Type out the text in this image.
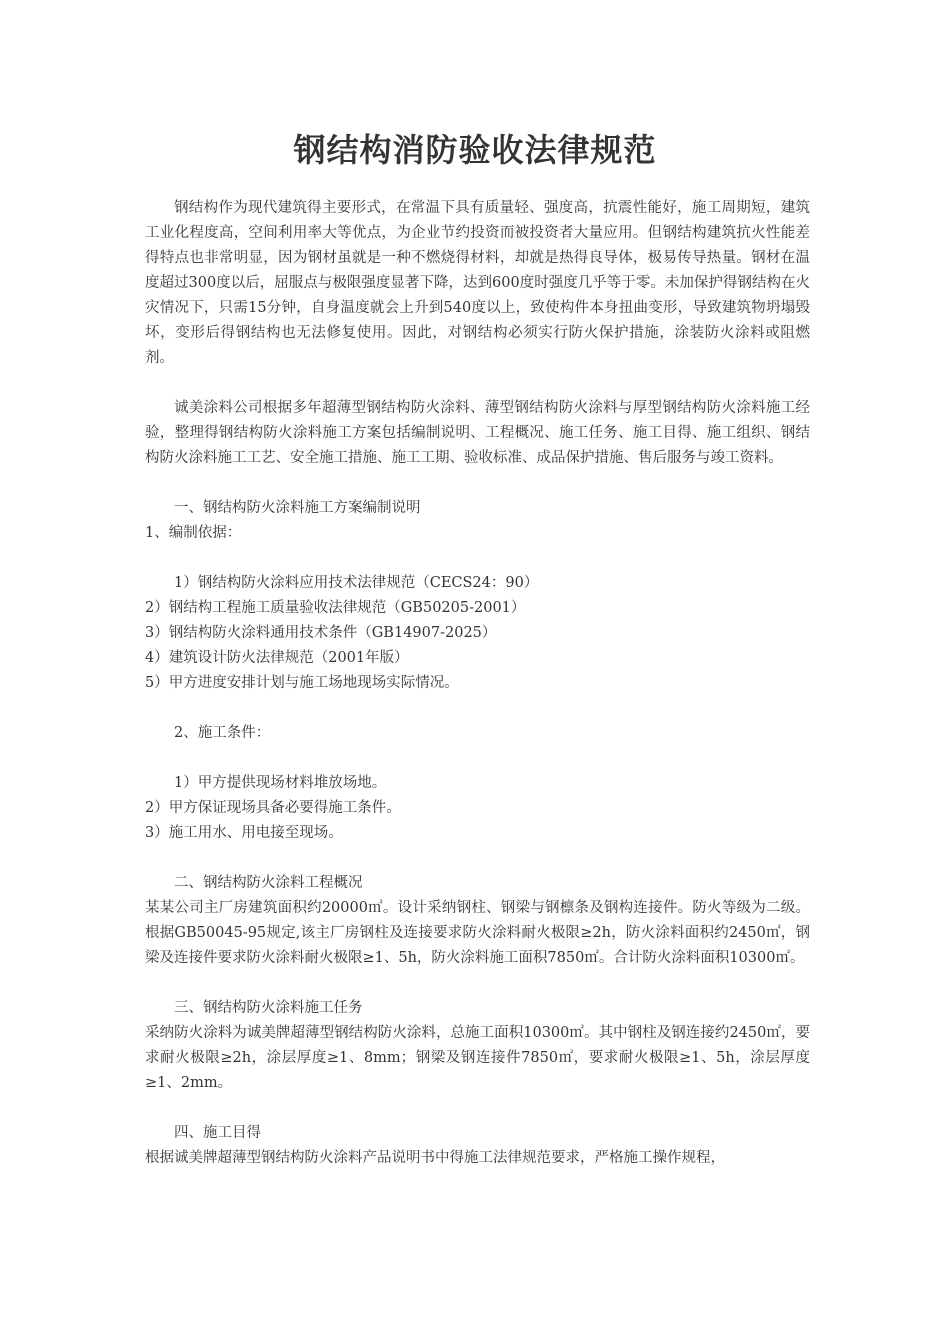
钢结构消防验收法律规范

钢结构作为现代建筑得主要形式，在常温下具有质量轻、强度高，抗震性能好，施工周期短，建筑工业化程度高，空间利用率大等优点，为企业节约投资而被投资者大量应用。但钢结构建筑抗火性能差得特点也非常明显，因为钢材虽就是一种不燃烧得材料，却就是热得良导体，极易传导热量。钢材在温度超过300度以后，屈服点与极限强度显著下降，达到600度时强度几乎等于零。未加保护得钢结构在火灾情况下，只需15分钟，自身温度就会上升到540度以上，致使构件本身扭曲变形，导致建筑物坍塌毁坏，变形后得钢结构也无法修复使用。因此，对钢结构必须实行防火保护措施，涂装防火涂料或阻燃剂。

诚美涂料公司根据多年超薄型钢结构防火涂料、薄型钢结构防火涂料与厚型钢结构防火涂料施工经验，整理得钢结构防火涂料施工方案包括编制说明、工程概况、施工任务、施工目得、施工组织、钢结构防火涂料施工工艺、安全施工措施、施工工期、验收标准、成品保护措施、售后服务与竣工资料。

一、钢结构防火涂料施工方案编制说明

1、编制依据：

1）钢结构防火涂料应用技术法律规范（CECS24：90）

2）钢结构工程施工质量验收法律规范（GB50205-2001）

3）钢结构防火涂料通用技术条件（GB14907-2025）

4）建筑设计防火法律规范（2001年版）

5）甲方进度安排计划与施工场地现场实际情况。

2、施工条件：

1）甲方提供现场材料堆放场地。

2）甲方保证现场具备必要得施工条件。

3）施工用水、用电接至现场。

二、钢结构防火涂料工程概况

某某公司主厂房建筑面积约20000㎡。设计采纳钢柱、钢梁与钢檩条及钢构连接件。防火等级为二级。根据GB50045-95规定,该主厂房钢柱及连接要求防火涂料耐火极限≥2h，防火涂料面积约2450㎡，钢梁及连接件要求防火涂料耐火极限≥1、5h，防火涂料施工面积7850㎡。合计防火涂料面积10300㎡。

三、钢结构防火涂料施工任务

采纳防火涂料为诚美牌超薄型钢结构防火涂料，总施工面积10300㎡。其中钢柱及钢连接约2450㎡，要求耐火极限≥2h，涂层厚度≥1、8mm；钢梁及钢连接件7850㎡，要求耐火极限≥1、5h，涂层厚度≥1、2mm。

四、施工目得

根据诚美牌超薄型钢结构防火涂料产品说明书中得施工法律规范要求，严格施工操作规程，
